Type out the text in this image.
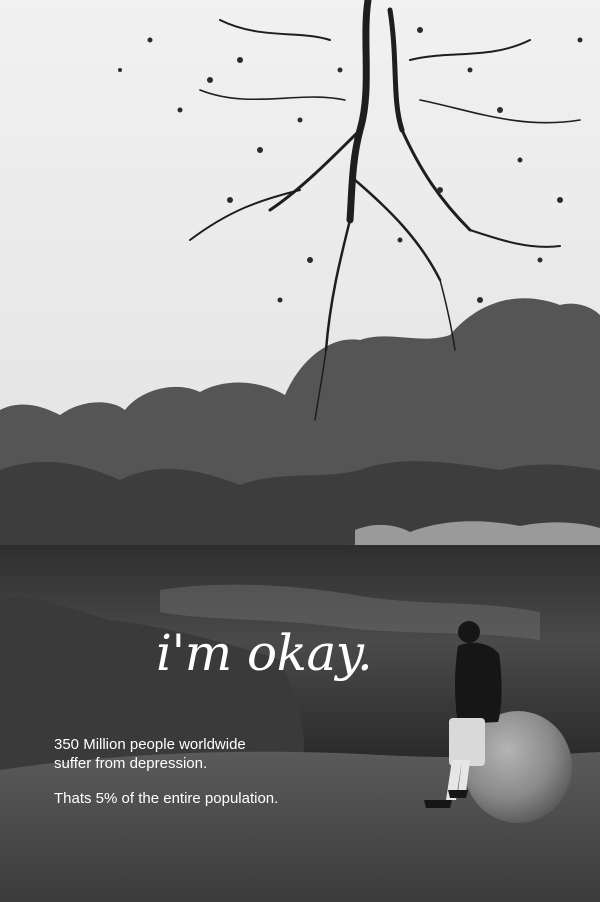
i'm okay.

350 Million people worldwide

suffer from depression.

Thats 5% of the entire population.
